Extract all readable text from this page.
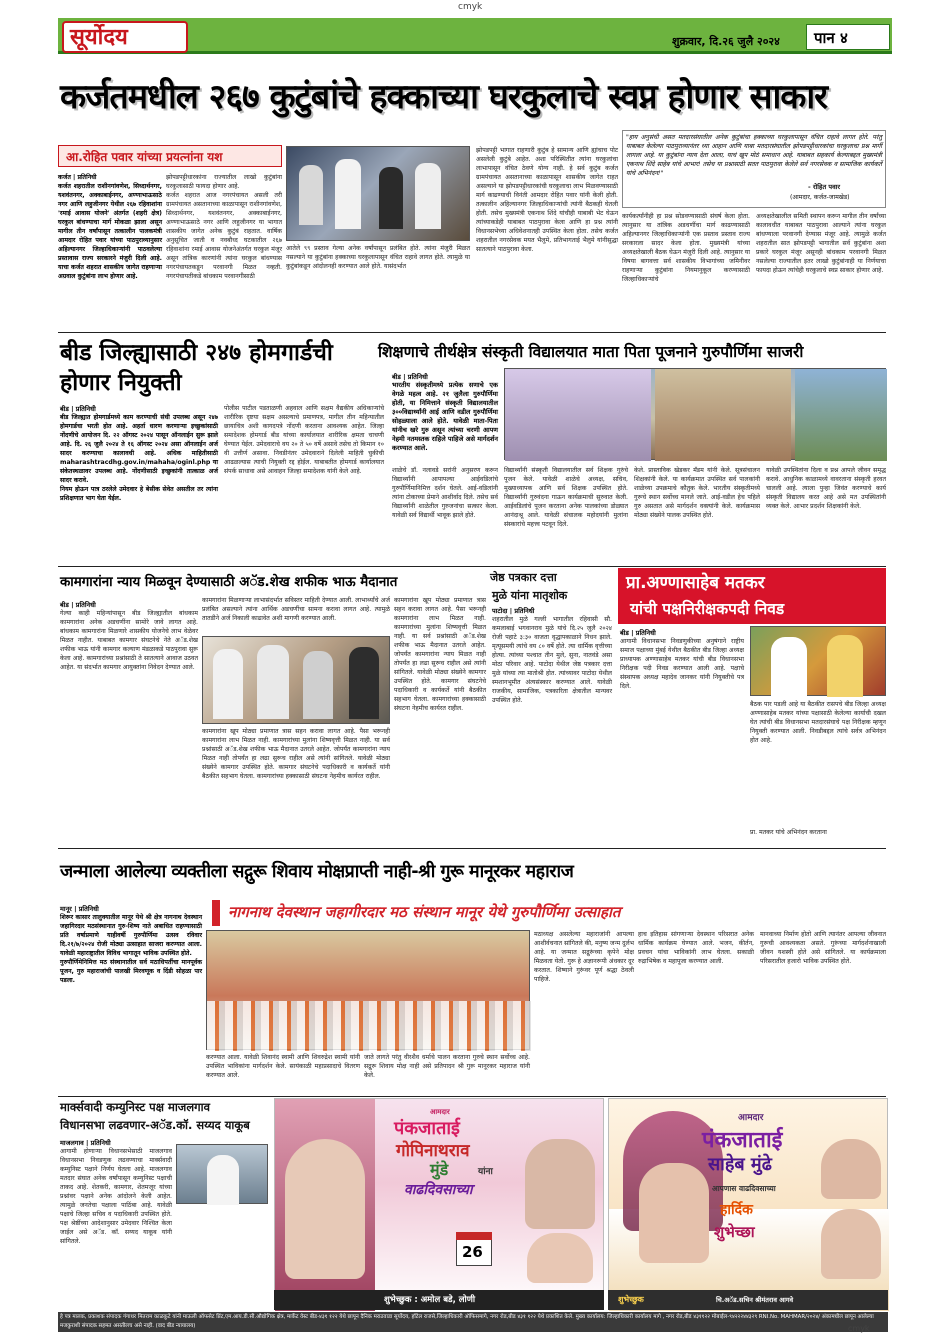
cmyk
सूर्योदय	शुक्रवार, दि.२६ जुलै २०२४ पान ४
कर्जतमधील २६७ कुटुंबांचे हक्काच्या घरकुलाचे स्वप्न होणार साकार
आ.रोहित पवार यांच्या प्रयत्नांना यश
कर्जत | प्रतिनिधी
कर्जत शहरातील राशीनगांवणेश, सिध्दार्थनगर, यशवंतनगर, अक्काबाईनगर, अण्णाभाऊसाठे नगर आणि लहुजीनगर येथील २६७ रहिवाशांना 'रमाई आवास योजने' अंतर्गत (शहरी क्षेत्र) घरकुल बांधण्याचा मार्ग मोकळा झाला असून मागील तीन वर्षांपासून तत्कालीन पालकमंत्री आमदार रोहित पवार यांच्या पाठपुराव्यानुसार अहिल्यानगर जिल्हाधिकाऱ्यांनी पाठवलेल्या प्रस्तावास राज्य सरकारने मंजुरी दिली आहे. याचा कर्जत शहरात शासकीय जागेत राहणाऱ्या अग्रवाल कुटुंबांना लाभ होणार आहे.
झोपडपट्टीधारकांना राज्यातील लाखो कुटुंबांना घरकुलासाठी फायदा होणार आहे.
कर्जत शहरात आज नगरपंचायत असली तरी ग्रामपंचायत असतानाच्या काळापासून राशीनगांवणेश, सिध्दार्थनगर, यशवंतनगर, अक्काबाईनगर, अण्णाभाऊसाठे नगर आणि लहुजीनगर या भागात शासकीय जागेत अनेक कुटुंबं राहतात. वार्षिक अनुसूचित जाती व नवबौध्द घटकातील २६७ रहिवाशांना रमाई आवास योजनेअंतर्गत घरकुल मंजूर असून तांत्रिक कारणांनी त्यांना घरकुल बांधण्यास नगरपंचायतकडून परवानगी मिळत नव्हती. नगरपंचायतीकडे बांधकाम परवानगीसाठी
आतेले ९९ प्रस्ताव गेल्या अनेक वर्षांपासून प्रलंबित होते. त्यांना मंजुरी मिळत नसल्याने या कुटुंबांना हक्काच्या घरकुलापासून वंचित राहावे लागत होते. त्यामुळे या कुटुंबांकडून आंदोलनही करण्यात आले होते. यासंदर्भात
झोपडपट्टी भागात राहणारी कुटुंब हे सामान्य आणि ह्यांचाच पोट असलेली कुटुंबे आहेत. अशा परिस्थितीत त्यांना घरकुलांचा लाभापासून वंचित ठेवणे योग्य नाही. हे सर्व कुटुंब कर्जत ग्रामपंचायत असतानाच्या काळापासून शासकीय जागेत राहत असल्याने या झोपडपट्टीधारकांची घरकुलाचा लाभ मिळवण्यासाठी मार्ग काढण्याची विनंती आमदार रोहित पवार यांनी केली होती. तत्कालीन अहिल्यानगर जिल्हाधिकाऱ्यांची त्यांनी बैठकही घेतली होती. तसेच मुख्यमंत्री एकनाथ शिंदे यांचीही याबाबी भेट घेऊन त्यांच्याकडेही याबाबत पाठपुरावा केला आणि हा प्रश्न त्यांनी विधानसभेच्या अधिवेशनातही उपस्थित केला होता. तसेच कर्जत शहरातील नगरसेवक मयत भैलुमे, प्रतिभागताई भैलुमे यांनीसुद्धा सातत्याने पाठपुरावा केला.
"हाय अनुसंधी असत मतदारसंघातील अनेक कुटुंबांचा हक्काच्या घरकुलापासून वंचित राहावे लागत होते. परंतु याबाबत केलेल्या पाठपुराव्यानंतर ध्या आहान आणि याबा मतदारसंघातील झोपडपट्टीधारकांचा घरकुलाचा प्रश्न मार्गी लागला आहे. या कुटुंबांना न्याय देता आला, याचं खूप मोठं समाधान आहे. याबाबत सहकार्य केल्याबद्दल मुख्यमंत्री एकनाथ शिंदे साहेब यांचे आभार! तसेच या प्रश्नासाठी सतत पाठपुरावा केलेले सर्व नगरसेवक व सामाजिक कार्यकर्ते यांचे अभिनंदन!"
- रोहित पवार
(आमदार, कर्जत-जामखेड)
कार्यकर्त्यांनीही हा प्रश्न सोडवण्यासाठी संघर्ष केला होता. त्यानुसार या तांत्रिक अडचणींचा मार्ग काढण्यासाठी अहिल्यानगर जिल्हाधिकाऱ्यांनी एक प्रस्ताव प्रस्ताव राज्य सरकारला सादर केला होता. मुख्यमंत्री यांच्या अध्यक्षतेखाली बैठक घेऊन मंजुरी दिली आहे. त्यानुसार या विषया बागवत्ता सर्व शासकीय विभागांच्या जमिनीवर राहणाऱ्या कुटुंबांना नियमानुकूल करण्यासाठी जिल्हाधिकाऱ्यांचे
अध्यक्षतेखालील समिती स्थापन करून मागील तीन वर्षांच्या कालावधीत याबाबत पाठपुरावा आल्याने त्यांना घरकुल बांधण्याला परवानगी देण्यास मंजूर आहे. त्यामुळे कर्जत शहरातील सात झोपडपट्टी भागातील सर्व कुटुंबांना अशा प्रकारे घरकुल मंजूर असूनही बांधकाम परवानगी मिळत नसलेल्या राज्यातील इतर लाखो कुटुंबांनाही या निर्णयाचा फायदा होऊन त्यांचेही घरकुलाचे स्वप्न साकार होणार आहे.
बीड जिल्ह्यासाठी २४७ होमगार्डची होणार नियुक्ती
बीड | प्रतिनिधी
बीड जिल्ह्यात होमगार्डमध्ये काम करण्याची संधी उपलब्ध असून २४७ होमगार्डचा भरती होत आहे. अहर्ता धारण करणाऱ्या इच्छुकांसाठी नोंदणीचे आयोजन दि. २२ ऑगस्ट २०२४ पासून ऑनलाईन सुरू झाले आहे. दि. २६ जुलै २०२४ ते १६ ऑगस्ट २०२४ असा ऑनलाईन अर्ज सादर करण्याचा कालावधी आहे. अधिक माहितीसाठी maharashtracdhg.gov.in/mahaha/oginl.php या संकेतस्थळावर उपलब्ध आहे. नोंदणीसाठी इच्छुकांनी तात्काळ अर्ज सादर करावे.
नियम होऊन पात्र ठरलेले उमेदवार हे बेसीक सेवेत असतील तर त्यांना प्रशिक्षणात भाग घेता येईल.
पोलीस पाटील पडताळणी अहवाल आणि सक्षम वैद्यकीय अधिकाऱ्यांचे शारीरिक दृष्टया सक्षम असल्याचे प्रमाणपत्र, मागील तीन महिन्यातील छायाचित्र अशी कागदपत्रे नोंदणी करताना आवश्यक आहेत. जिल्हा समादेशक होमगार्ड बीड यांच्या कार्यालयात शारीरिक क्षमता चाचणी घेण्यात येईल. उमेदवाराचे वय २० ते ५० वर्षे असावे तसेच तो किमान १० वी उत्तीर्ण असावा. निवडीनंतर उमेदवाराने दिलेली माहिती चुकीची आढळल्यास त्याची नियुक्ती रद्द होईल. याबाबतीत होमगार्ड कार्यालयात संपर्क साधावा असे आवाहन जिल्हा समादेशक यांनी केले आहे.
शिक्षणाचे तीर्थक्षेत्र संस्कृती विद्यालयात माता पिता पूजनाने गुरुपौर्णिमा साजरी
बीड | प्रतिनिधी
भारतीय संस्कृतीमध्ये प्रत्येक सणाचे एक वेगळे महत्व आहे. २१ जुलैला गुरुपौर्णिमा होती, या निमित्ताने संस्कृती विद्यालयातील ३००विद्यार्थ्यांनी आई आणि वडील गुरुपौर्णिमा सोहळ्याला आले होते. यावेळी माता-पिता यांनीच खरे गुरु असून त्यांच्या चरणी आपण नेहमी नतमस्तक राहिले पाहिजे असे मार्गदर्शन करण्यात आले.
शाळेचे डॉ. नलावडे सरांनी अनुसरण करून विद्यार्थ्यांनी आपापल्या आईवडिलांचे गुरुपौर्णिमानिमित्त दर्शन घेतले. आई-वडिलांनी त्यांना टोकाच्या प्रेमाने आशीर्वाद दिले. तसेच सर्व विद्यार्थ्यांनी शाळेतील गुरुजनांचा सत्कार केला. यावेळी सर्व विद्यार्थी भावूक झाले होते.
विद्यार्थ्यांनी संस्कृती विद्यालयातील सर्व शिक्षक गुरुंचे पूजन केले. यावेळी शाळेचे अध्यक्ष, सचिव, मुख्याध्यापक आणि सर्व शिक्षक उपस्थित होते. विद्यार्थ्यांनी गुरुवंदना गाऊन कार्यक्रमाची सुरुवात केली. आईवडिलांचे पूजन करताना अनेक पालकांच्या डोळ्यात आनंदाश्रू आले. यावेळी संचालक महोदयांनी मुलांना संस्कारांचे महत्त्व पटवून दिले.
केले. प्रास्ताविक खेडकर मॅडम यांनी केले. सूत्रसंचालन शिक्षकांनी केले. या कार्यक्रमात उपस्थित सर्व पालकांनी शाळेच्या उपक्रमाचे कौतुक केले. भारतीय संस्कृतीमध्ये गुरूचे स्थान सर्वोच्च मानले जाते. आई-वडील हेच पहिले गुरु असतात असे मार्गदर्शन वक्त्यांनी केले. कार्यक्रमास मोठ्या संख्येने पालक उपस्थित होते.
यावेळी उपस्थितांना दिला व प्रश्न आपले जीवन समृद्ध करावे. आधुनिक काळामध्ये वावरताना संस्कृती हरवत चालली आहे. त्याला पुन्हा जिवंत करण्याचे कार्य संस्कृती विद्यालय करत आहे असे मत उपस्थितांनी व्यक्त केले. आभार प्रदर्शन शिक्षकांनी केले.
कामगारांना न्याय मिळवून देण्यासाठी अॅड.शेख शफीक भाऊ मैदानात
बीड | प्रतिनिधी
गेल्या काही महिन्यांपासून बीड जिल्ह्यातील बांधकाम कामगारांना अनेक अडचणींना सामोरे जावे लागत आहे. बांधकाम कामगारांना मिळणारे शासकीय योजनेचे लाभ वेळेवर मिळत नाहीत. याबाबत कामगार संघटनेचे नेते अॅड.शेख शफीक भाऊ यांनी कामगार कल्याण मंडळाकडे पाठपुरावा सुरू केला आहे. कामगारांच्या प्रश्नांसाठी ते सातत्याने आवाज उठवत आहेत. या संदर्भात कामगार आयुक्तांना निवेदन देण्यात आले.
कामगारांना मिळणाऱ्या लाभासंदर्भात सविस्तर माहिती देण्यात आली. लाभार्थ्यांचे अर्ज प्रलंबित असल्याने त्यांना आर्थिक अडचणींचा सामना करावा लागत आहे. त्यामुळे तातडीने अर्ज निकाली काढावेत अशी मागणी करण्यात आली.
कामगारांना खूप मोठ्या प्रमाणात त्रास सहन करावा लागत आहे. पैसा भरूनही कामगारांना लाभ मिळत नाही. कामगारांच्या मुलांना शिष्यवृत्ती मिळत नाही. या सर्व प्रश्नांसाठी अॅड.शेख शफीक भाऊ मैदानात उतरले आहेत. जोपर्यंत कामगारांना न्याय मिळत नाही तोपर्यंत हा लढा सुरूच राहील असे त्यांनी सांगितले. यावेळी मोठ्या संख्येने कामगार उपस्थित होते. कामगार संघटनेचे पदाधिकारी व कार्यकर्ते यांनी बैठकीत सहभाग घेतला. कामगारांच्या हक्कासाठी संघटना नेहमीच कार्यरत राहील.
कामगारांना खूप मोठ्या प्रमाणात त्रास सहन करावा लागत आहे. पैसा भरूनही कामगारांना लाभ मिळत नाही. कामगारांच्या मुलांना शिष्यवृत्ती मिळत नाही. या सर्व प्रश्नांसाठी अॅड.शेख शफीक भाऊ मैदानात उतरले आहेत. जोपर्यंत कामगारांना न्याय मिळत नाही तोपर्यंत हा लढा सुरूच राहील असे त्यांनी सांगितले. यावेळी मोठ्या संख्येने कामगार उपस्थित होते. कामगार संघटनेचे पदाधिकारी व कार्यकर्ते यांनी बैठकीत सहभाग घेतला. कामगारांच्या हक्कासाठी संघटना नेहमीच कार्यरत राहील.
जेष्ठ पत्रकार दत्ता
मुळे यांना मातृशोक
पाटोदा | प्रतिनिधी
शहरातील मुळे गल्ली भागातील रहिवासी सौ. कमलाबाई भगवानराव मुळे यांचे दि.२५ जुलै २०२४ रोजी पहाटे ३:३० वाजता वृद्धापकाळाने निधन झाले. मृत्यूसमयी त्यांचे वय ८० वर्षे होते. त्या धार्मिक वृत्तीच्या होत्या. त्यांच्या पश्चात तीन मुले, सुना, नातवंडे असा मोठा परिवार आहे. पाटोदा येथील जेष्ठ पत्रकार दत्ता मुळे यांच्या त्या मातोश्री होत. त्यांच्यावर पाटोदा येथील स्मशानभूमीत अंत्यसंस्कार करण्यात आले. यावेळी राजकीय, सामाजिक, पत्रकारिता क्षेत्रातील मान्यवर उपस्थित होते.
प्रा.अण्णासाहेब मतकर
यांची पक्षनिरीक्षकपदी निवड
बीड | प्रतिनिधी
आगामी विधानसभा निवडणुकीच्या अनुषंगाने राष्ट्रीय समाज पक्षाच्या मुंबई येथील बैठकीत बीड जिल्हा अध्यक्ष प्राध्यापक अण्णासाहेब मतकर यांची बीड विधानसभा निरीक्षक पदी निवड करण्यात आली आहे. पक्षाचे संस्थापक अध्यक्ष महादेव जानकर यांनी नियुक्तीचे पत्र दिले.
बैठक पार पडली आहे या बैठकीत रासपचे बीड जिल्हा अध्यक्ष अण्णासाहेब मतकर यांच्या पक्षासाठी केलेल्या कार्याची दखल घेत त्यांची बीड विधानसभा मतदारसंघाचे पक्ष निरीक्षक म्हणून नियुक्ती करण्यात आली. निवडीबद्दल त्यांचे सर्वत्र अभिनंदन होत आहे.
प्रा. मतकर यांचे अभिनंदन करताना
जन्माला आलेल्या व्यक्तीला सद्गुरू शिवाय मोक्षप्राप्ती नाही-श्री गुरू मानूरकर महाराज
नागनाथ देवस्थान जहागीरदार मठ संस्थान मानूर येथे गुरुपौर्णिमा उत्साहात
मानूर | प्रतिनिधी
शिरूर कासार तालुक्यातील मानूर येथे श्री क्षेत्र नागनाथ देवस्थान जहागिरदार मठसंस्थानात गुरु-शिष्य नाते अबाधित राहण्यासाठी प्रति वर्षाप्रमाणे याहीवर्षी गुरुपौर्णिमा उत्सव रविवार दि.२१/७/२०२४ रोजी मोठ्या उत्साहात साजरा करण्यात आला. यावेळी महाराष्ट्रातील विविध भागातून भाविक उपस्थित होते.
गुरुपौर्णिमेनिमित्त मठ संस्थानातील सर्व मठाधिपतींचा मानपूर्वक पूजन, गुरु महाराजांची पालखी मिरवणूक व दिंडी सोहळा पार पडला.
करण्यात आला. यावेळी शिवानंद स्वामी आणि शिवरुद्रेश स्वामी यांनी उपस्थित भाविकांना मार्गदर्शन केले. सायंकाळी महाप्रसादाचे वितरण करण्यात आले.
जाते लागते परंतु वीरशैव धर्माचे पालन करताना गुरुचे स्थान सर्वोच्च आहे. सद्गुरू शिवाय मोक्ष नाही असे प्रतिपादन श्री गुरू मानूरकर महाराज यांनी केले.
मठाध्यक्ष असलेल्या महाराजांनी आपल्या आशीर्वचनात सांगितले की, मनुष्य जन्म दुर्लभ आहे. या जन्मात सद्गुरूंच्या कृपेने मोक्ष मिळवता येतो. गुरू हे अज्ञानरूपी अंधकार दूर करतात. शिष्याने गुरूंवर पूर्ण श्रद्धा ठेवली पाहिजे.
हाच इतिहास सांगणाऱ्या देवस्थान परिसरात अनेक धार्मिक कार्यक्रम घेण्यात आले. भजन, कीर्तन, प्रवचन यांचा भाविकांनी लाभ घेतला. सकाळी रुद्राभिषेक व महापूजा करण्यात आली.
मानवाच्या निर्माण होतो आणि त्यानंतर आपल्या जीवनात गुरूची आवश्यकता असते. गुरूंच्या मार्गदर्शनाखाली जीवन यशस्वी होते असे सांगितले. या कार्यक्रमाला परिसरातील हजारो भाविक उपस्थित होते.
मार्क्सवादी कम्युनिस्ट पक्ष माजलगाव
विधानसभा लढवणार-अॅड.कॉ. सय्यद याकूब
माजलगाव | प्रतिनिधी
आगामी होणाऱ्या विधानसभेसाठी माजलगाव विधानसभा निवडणुक लढवण्याचा मार्क्सवादी कम्युनिस्ट पक्षाने निर्णय घेतला आहे. माजलगाव मतदार संघात अनेक वर्षांपासून कम्युनिस्ट पक्षाची ताकद आहे. शेतकरी, कामगार, शेतमजूर यांच्या प्रश्नांवर पक्षाने अनेक आंदोलने केली आहेत. त्यामुळे जनतेचा पक्षाला पाठिंबा आहे. यावेळी पक्षाचे जिल्हा सचिव व पदाधिकारी उपस्थित होते. पक्ष श्रेष्ठींच्या आदेशानुसार उमेदवार निश्चित केला जाईल असे अॅड. कॉ. सय्यद याकूब यांनी सांगितले.
आमदार
पंकजाताई
गोपिनाथराव
मुंडे	यांना
वाढदिवसाच्या
26
शुभेच्छुक : अमोल बडे, लोणी
आमदार
पंकजाताई
साहेब मुंढे
आपणास वाढदिवसाच्या
हार्दिक
शुभेच्छा
शुभेच्छुक	चि.अॅड.सचिन श्रीमंतराव आगवे
हे पत्र मालक, प्रकाशक संपादक गंगाधर मितराम काळकुटे यांनी माऊली ऑफसेट प्रिंट,एम.आय.डी.सी.औद्योगिक क्षेत्र, मार्केट वेस्ट बीड-४३१ १२२ येथे छापून दैनिक मराठवाडा सूर्योदय, हॉटेल राजसे,जिल्हाधिकारी ऑफिसमागे, नगर रोड,बीड ४३१ १२२ येथे प्रकाशित केले. मुख्य कार्यालय: जिल्हाधिकारी कार्यालय मागे , नगर रोड,बीड ४३११२२ मोबाईल-९४२२२४४३२९ RNI.No. MAHMAR/२०२४/ अंकामधील छापून आलेल्या मजकुराशी संपादक सहमत असतीलच असे नाही. (वाद बीड न्यायालय)	cmyk
